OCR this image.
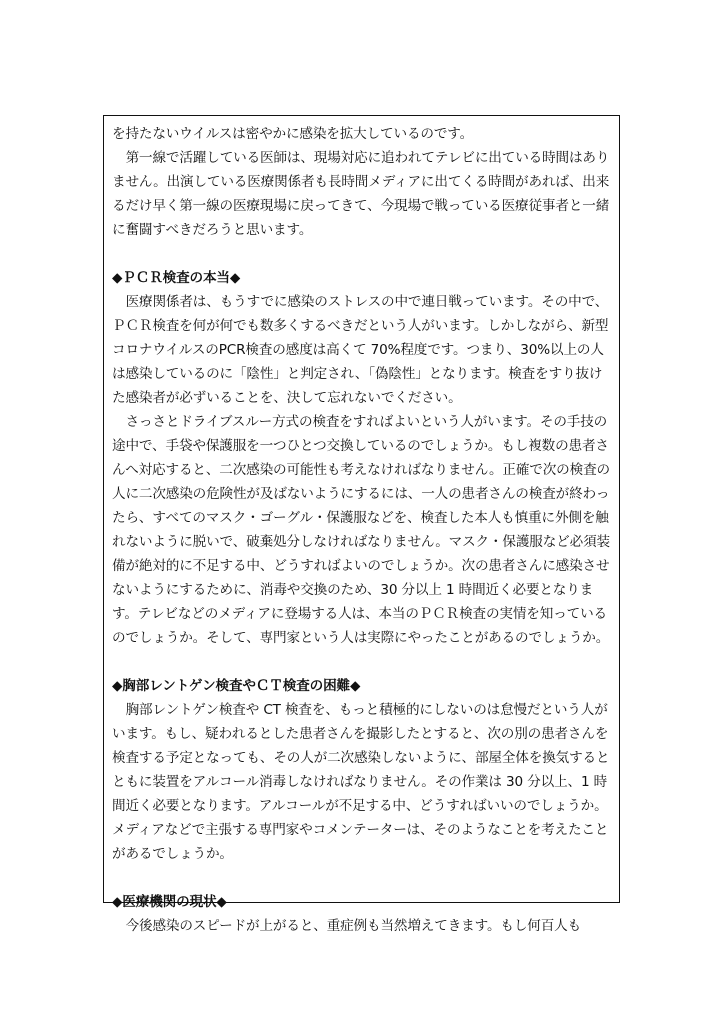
を持たないウイルスは密やかに感染を拡大しているのです。

第一線で活躍している医師は、現場対応に追われてテレビに出ている時間はありません。出演している医療関係者も長時間メディアに出てくる時間があれば、出来るだけ早く第一線の医療現場に戻ってきて、今現場で戦っている医療従事者と一緒に奮闘すべきだろうと思います。

◆ＰＣＲ検査の本当◆

医療関係者は、もうすでに感染のストレスの中で連日戦っています。その中で、ＰＣＲ検査を何が何でも数多くするべきだという人がいます。しかしながら、新型コロナウイルスのPCR検査の感度は高くて 70%程度です。つまり、30%以上の人は感染しているのに「陰性」と判定され、「偽陰性」となります。検査をすり抜けた感染者が必ずいることを、決して忘れないでください。

さっさとドライブスルー方式の検査をすればよいという人がいます。その手技の途中で、手袋や保護服を一つひとつ交換しているのでしょうか。もし複数の患者さんへ対応すると、二次感染の可能性も考えなければなりません。正確で次の検査の人に二次感染の危険性が及ばないようにするには、一人の患者さんの検査が終わったら、すべてのマスク・ゴーグル・保護服などを、検査した本人も慎重に外側を触れないように脱いで、破棄処分しなければなりません。マスク・保護服など必須装備が絶対的に不足する中、どうすればよいのでしょうか。次の患者さんに感染させないようにするために、消毒や交換のため、30 分以上 1 時間近く必要となります。テレビなどのメディアに登場する人は、本当のＰＣＲ検査の実情を知っているのでしょうか。そして、専門家という人は実際にやったことがあるのでしょうか。

◆胸部レントゲン検査やＣＴ検査の困難◆

胸部レントゲン検査や CT 検査を、もっと積極的にしないのは怠慢だという人がいます。もし、疑われるとした患者さんを撮影したとすると、次の別の患者さんを検査する予定となっても、その人が二次感染しないように、部屋全体を換気するとともに装置をアルコール消毒しなければなりません。その作業は 30 分以上、1 時間近く必要となります。アルコールが不足する中、どうすればいいのでしょうか。メディアなどで主張する専門家やコメンテーターは、そのようなことを考えたことがあるでしょうか。

◆医療機関の現状◆

今後感染のスピードが上がると、重症例も当然増えてきます。もし何百人も
